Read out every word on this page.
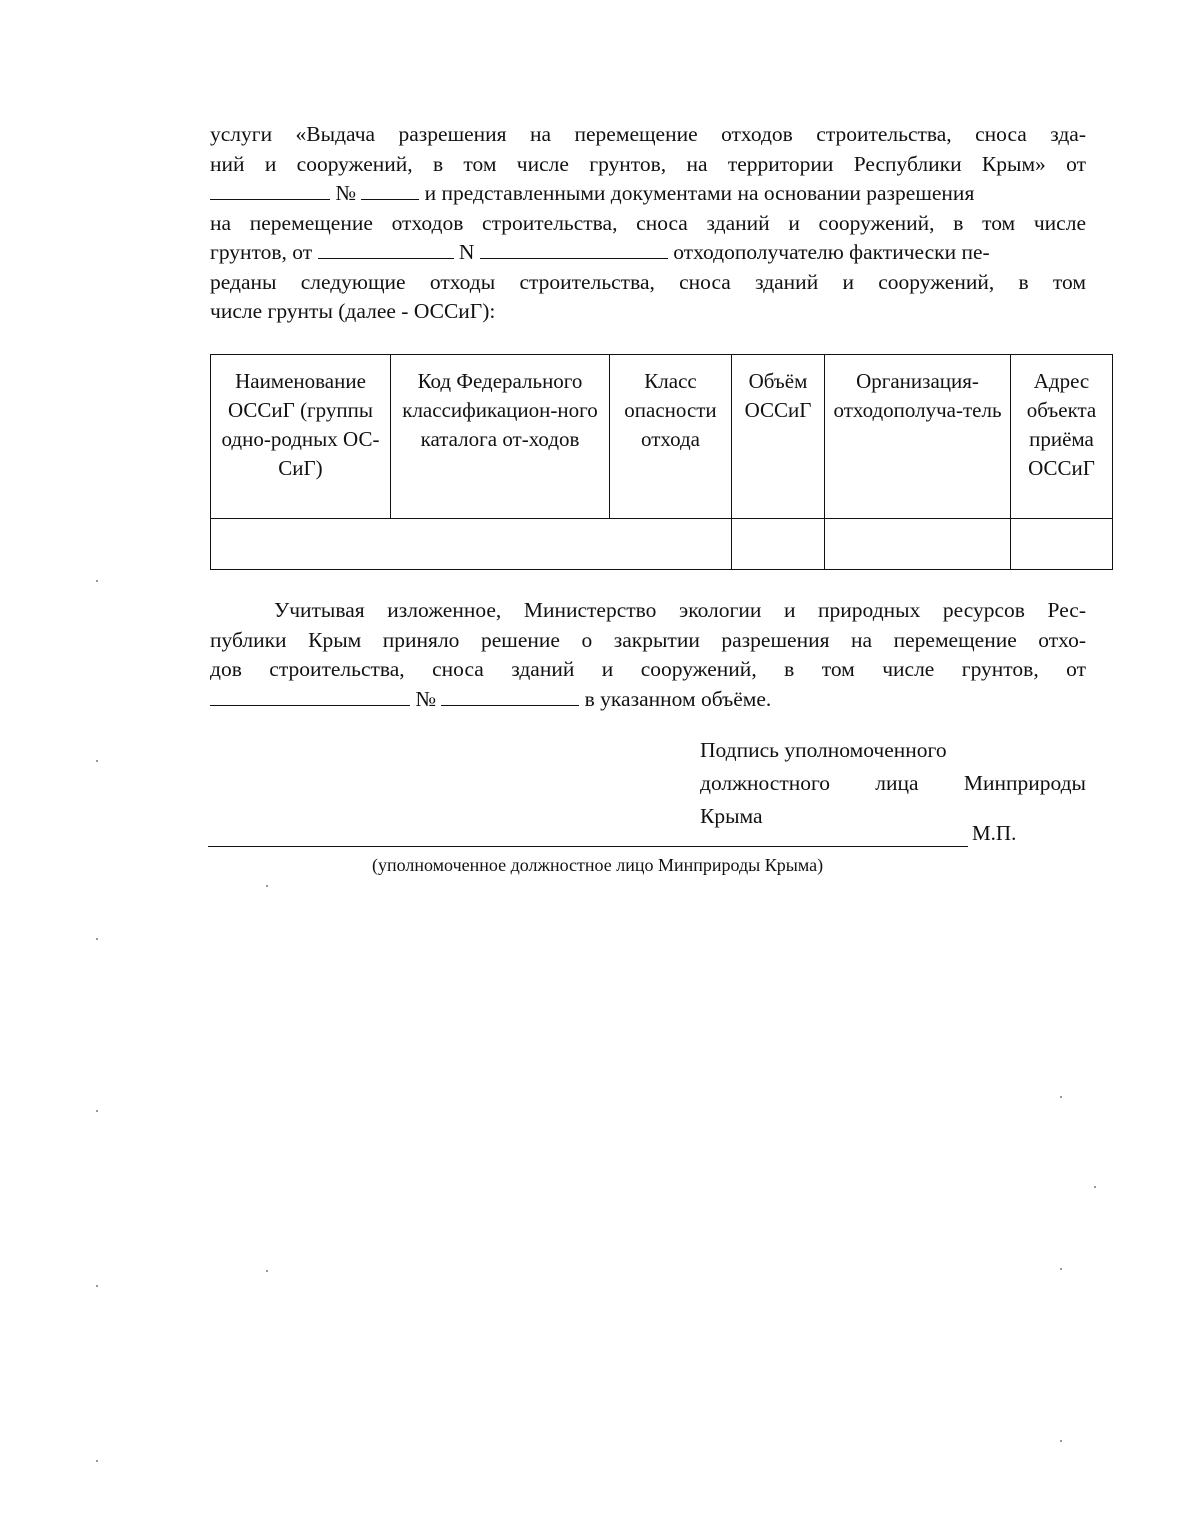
услуги «Выдача разрешения на перемещение отходов строительства, сноса зда-
ний и сооружений, в том числе грунтов, на территории Республики Крым» от
№	и представленными документами на основании разрешения
на перемещение отходов строительства, сноса зданий и сооружений, в том числе
грунтов, от	N	отходополучателю фактически пе-
реданы следующие отходы строительства, сноса зданий и сооружений, в том
числе грунты (далее - ОССиГ):
Наименование ОССиГ (группы одно-родных ОС-СиГ)	Код Федерального классификацион-ного каталога от-ходов	Класс опасности отхода	Объём ОССиГ	Организация-отходополуча-тель	Адрес объекта приёма ОССиГ

Учитывая изложенное, Министерство экологии и природных ресурсов Рес-
публики Крым приняло решение о закрытии разрешения на перемещение отхо-
дов строительства, сноса зданий и сооружений, в том числе грунтов, от
№	в указанном объёме.
Подпись уполномоченного
должностного лица Минприроды
Крыма
М.П.
(уполномоченное должностное лицо Минприроды Крыма)
